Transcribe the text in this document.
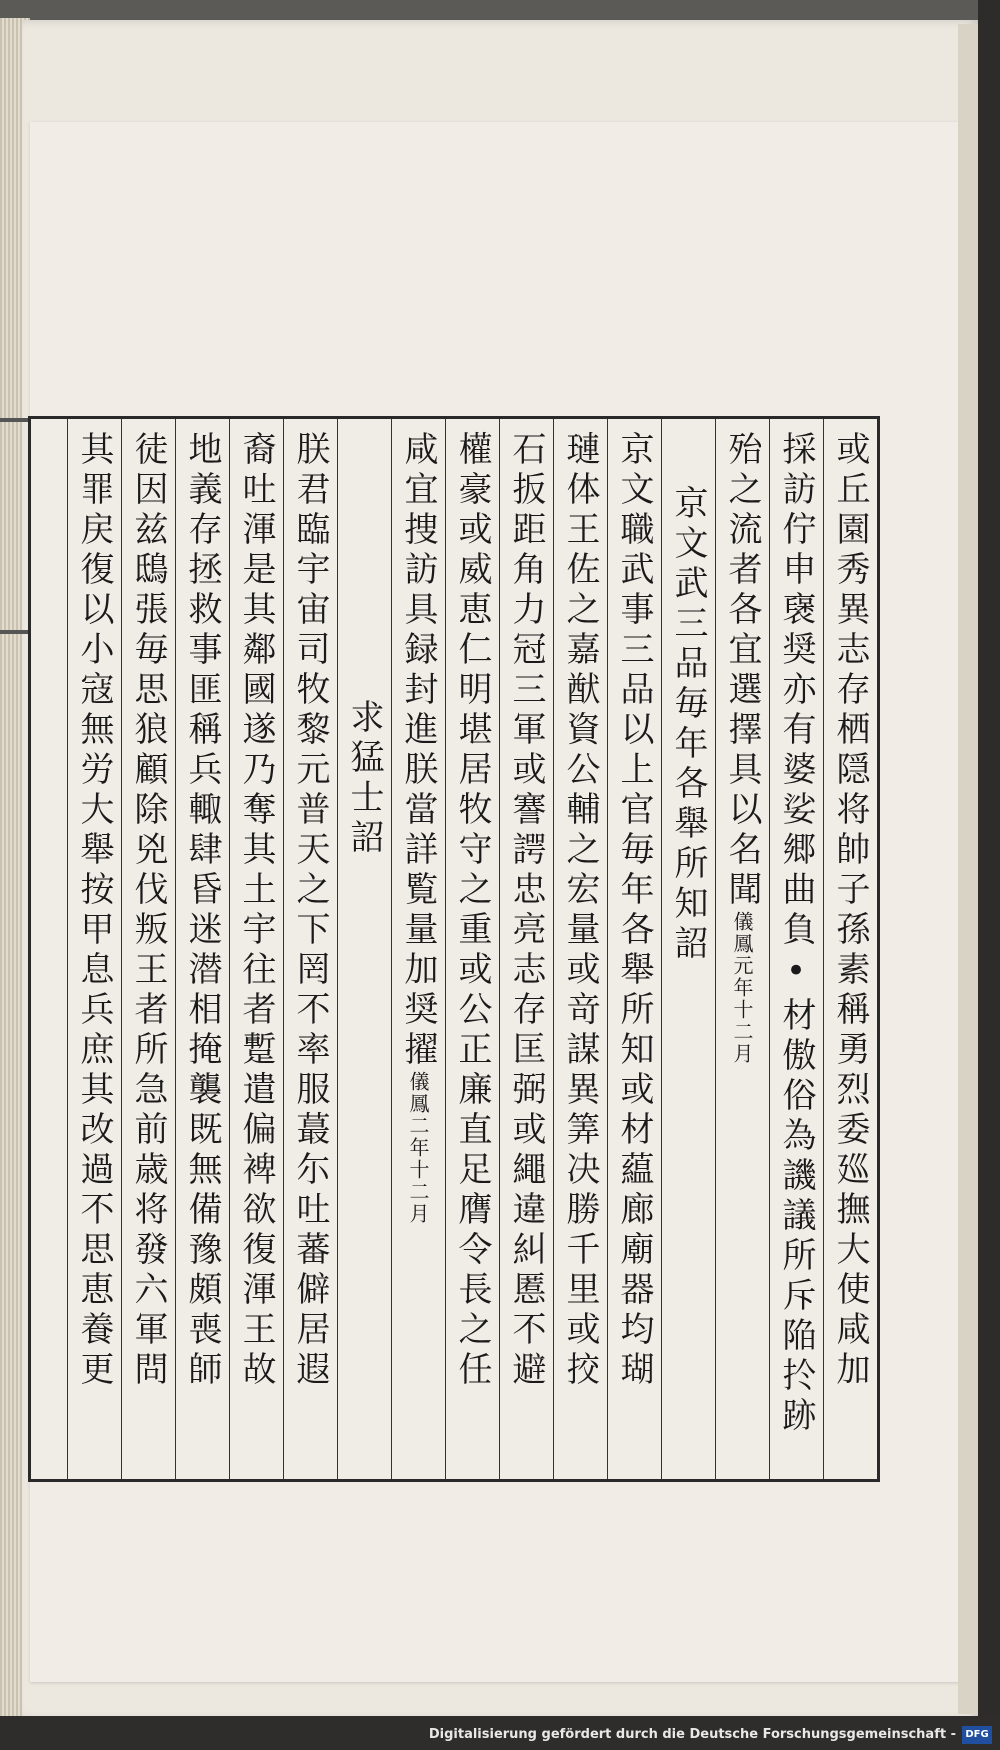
或丘園秀異志存栖隠将帥子孫素稱勇烈委廵撫大使咸加
採訪佇申襃奨亦有婆娑郷曲負•材傲俗為譏議所斥陥扵跡
殆之流者各宜選擇具以名聞儀鳳元年十二月
京文武三品毎年各舉所知詔
京文職武事三品以上官毎年各舉所知或材藴廊廟器均瑚
璉体王佐之嘉猷資公輔之宏量或竒謀異筭决勝千里或挍
石扳距角力冠三軍或謇諤忠亮志存匡弼或繩違糾慝不避
權豪或威恵仁明堪居牧守之重或公正廉直足膺令長之任
咸宜捜訪具録封進朕當詳覧量加奨擢儀鳳二年十二月
求猛士詔
朕君臨宇宙司牧黎元普天之下罔不率服蕞尓吐蕃僻居遐
裔吐渾是其鄰國遂乃奪其土宇往者蹔遣偏裨欲復渾王故
地義存拯救事匪稱兵輙肆昏迷潜相掩襲既無備豫頗喪師
徒因兹鴟張毎思狼顧除兇伐叛王者所急前歳将發六軍問
其罪戻復以小寇無労大舉按甲息兵庶其改過不思恵養更
Digitalisierung gefördert durch die Deutsche Forschungsgemeinschaft - DFG
